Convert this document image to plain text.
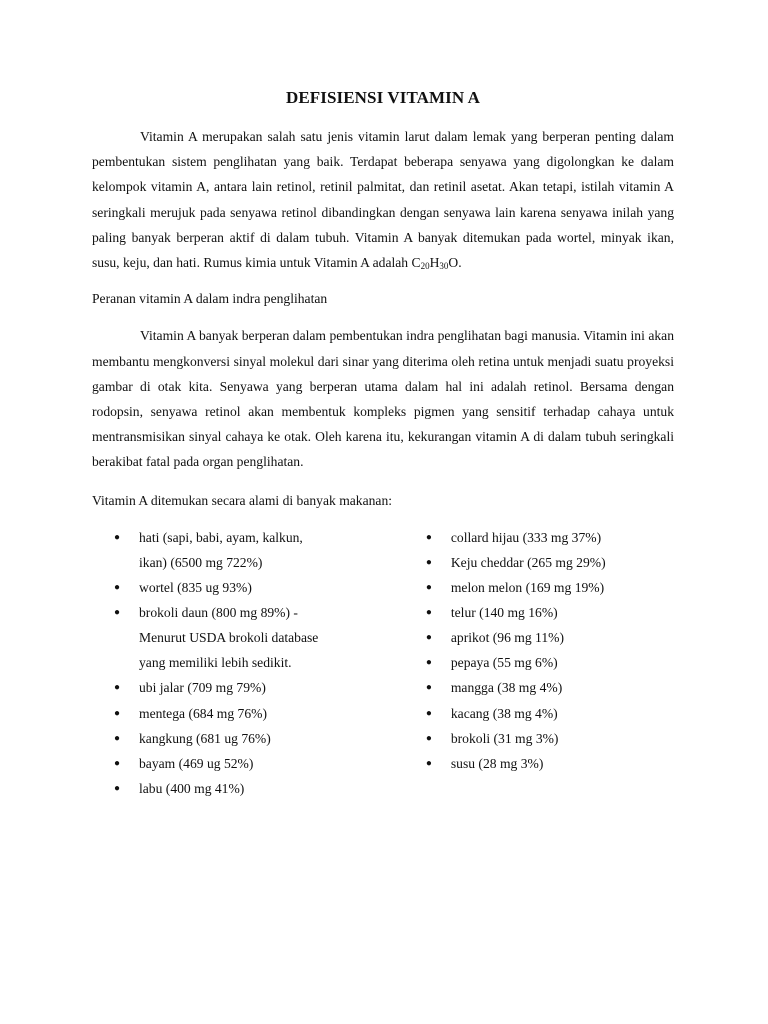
DEFISIENSI VITAMIN A

Vitamin A merupakan salah satu jenis vitamin larut dalam lemak yang berperan penting dalam pembentukan sistem penglihatan yang baik. Terdapat beberapa senyawa yang digolongkan ke dalam kelompok vitamin A, antara lain retinol, retinil palmitat, dan retinil asetat. Akan tetapi, istilah vitamin A seringkali merujuk pada senyawa retinol dibandingkan dengan senyawa lain karena senyawa inilah yang paling banyak berperan aktif di dalam tubuh. Vitamin A banyak ditemukan pada wortel, minyak ikan, susu, keju, dan hati. Rumus kimia untuk Vitamin A adalah $C_{20}H_{30}O$.

Peranan vitamin A dalam indra penglihatan

Vitamin A banyak berperan dalam pembentukan indra penglihatan bagi manusia. Vitamin ini akan membantu mengkonversi sinyal molekul dari sinar yang diterima oleh retina untuk menjadi suatu proyeksi gambar di otak kita. Senyawa yang berperan utama dalam hal ini adalah retinol. Bersama dengan rodopsin, senyawa retinol akan membentuk kompleks pigmen yang sensitif terhadap cahaya untuk mentransmisikan sinyal cahaya ke otak. Oleh karena itu, kekurangan vitamin A di dalam tubuh seringkali berakibat fatal pada organ penglihatan.

Vitamin A ditemukan secara alami di banyak makanan:

● hati (sapi, babi, ayam, kalkun,
ikan) (6500 mg 722%)
● wortel (835 ug 93%)
● brokoli daun (800 mg 89%) -
Menurut USDA brokoli database
yang memiliki lebih sedikit.
● ubi jalar (709 mg 79%)
● mentega (684 mg 76%)
● kangkung (681 ug 76%)
● bayam (469 ug 52%)
● labu (400 mg 41%)
● collard hijau (333 mg 37%)
● Keju cheddar (265 mg 29%)
● melon melon (169 mg 19%)
● telur (140 mg 16%)
● aprikot (96 mg 11%)
● pepaya (55 mg 6%)
● mangga (38 mg 4%)
● kacang (38 mg 4%)
● brokoli (31 mg 3%)
● susu (28 mg 3%)
